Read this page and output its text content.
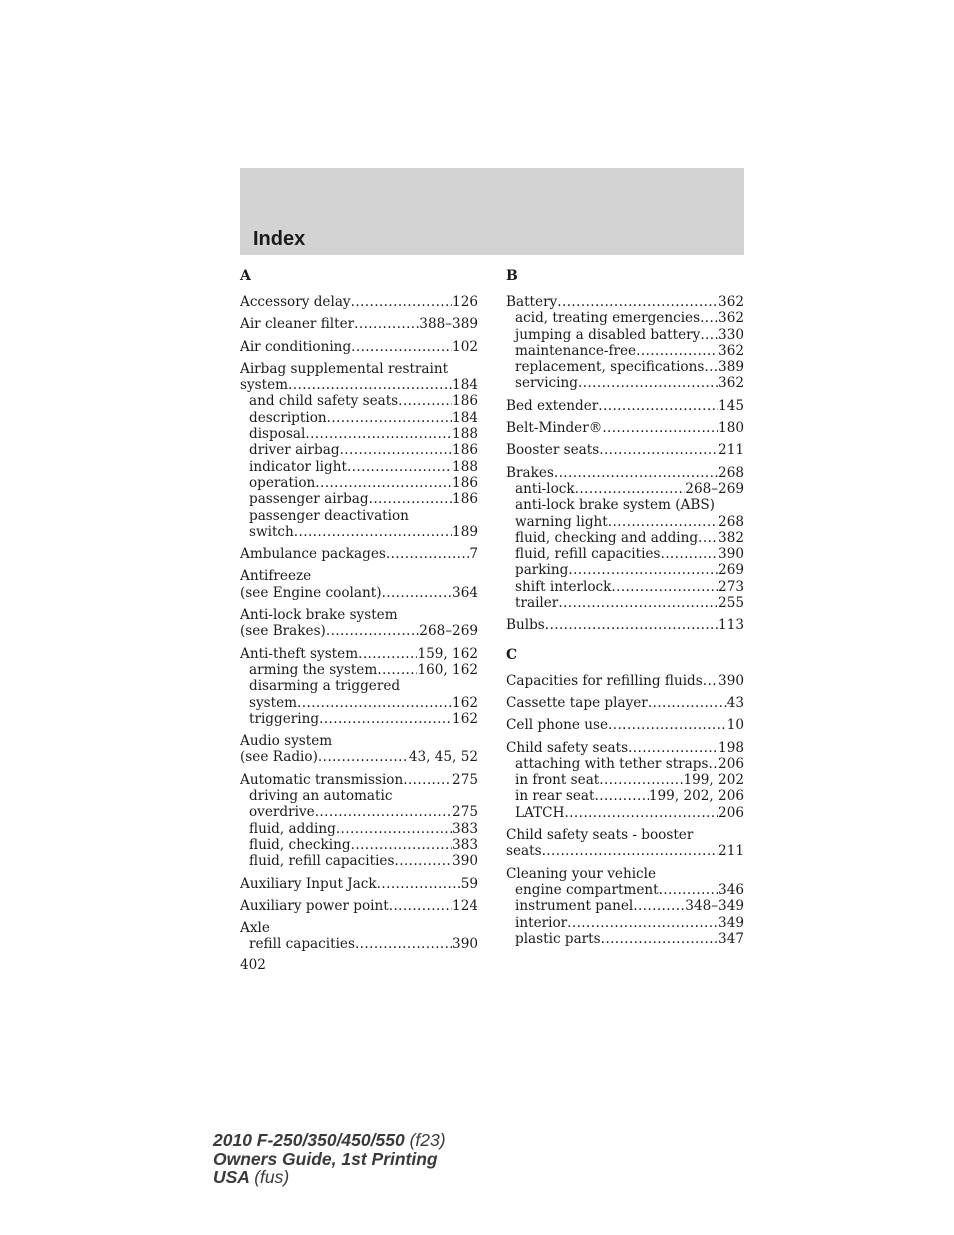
Index
A
Accessory delay .....	126
Air cleaner filter .....	388–389
Air conditioning .....	102
Airbag supplemental restraint
system .....	184
and child safety seats .....	186
description .....	184
disposal .....	188
driver airbag .....	186
indicator light .....	188
operation .....	186
passenger airbag .....	186
passenger deactivation
switch .....	189
Ambulance packages .....	7
Antifreeze
(see Engine coolant) .....	364
Anti-lock brake system
(see Brakes) .....	268–269
Anti-theft system .....	159, 162
arming the system .....	160, 162
disarming a triggered
system .....	162
triggering .....	162
Audio system
(see Radio) .....	43, 45, 52
Automatic transmission .....	275
driving an automatic
overdrive .....	275
fluid, adding .....	383
fluid, checking .....	383
fluid, refill capacities .....	390
Auxiliary Input Jack .....	59
Auxiliary power point .....	124
Axle
refill capacities .....	390
402
B
Battery .....	362
acid, treating emergencies ..... 362
jumping a disabled battery ..... 330
maintenance-free .....	362
replacement, specifications ..... 389
servicing .....	362
Bed extender .....	145
Belt-Minder® .....	180
Booster seats .....	211
Brakes .....	268
anti-lock .....	268–269
anti-lock brake system (ABS)
warning light .....	268
fluid, checking and adding ..... 382
fluid, refill capacities .....	390
parking .....	269
shift interlock .....	273
trailer .....	255
Bulbs .....	113
C
Capacities for refilling fluids ..... 390
Cassette tape player .....	43
Cell phone use .....	10
Child safety seats .....	198
attaching with tether straps ..... 206
in front seat .....	199, 202
in rear seat .....	199, 202, 206
LATCH .....	206
Child safety seats - booster
seats .....	211
Cleaning your vehicle
engine compartment .....	346
instrument panel .....	348–349
interior .....	349
plastic parts .....	347
2010 F-250/350/450/550 (f23)
Owners Guide, 1st Printing
USA (fus)
